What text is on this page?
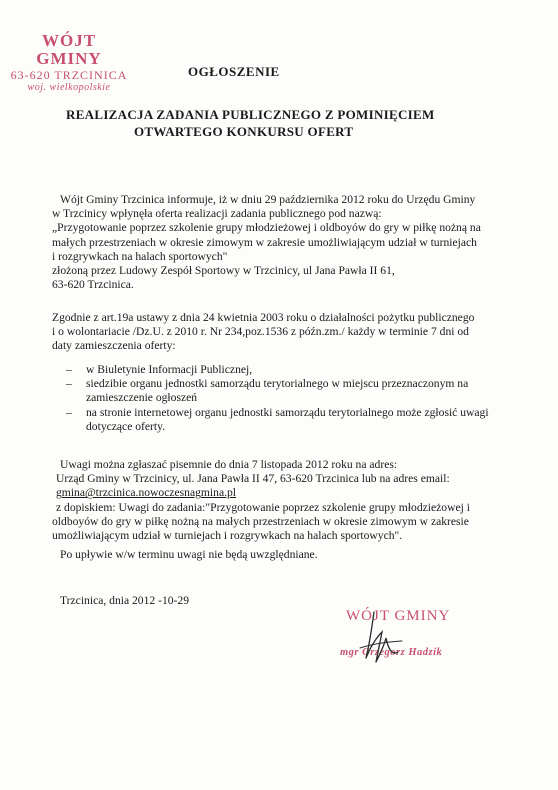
WÓJT GMINY
63-620 TRZCINICA
woj. wielkopolskie
OGŁOSZENIE
REALIZACJA ZADANIA PUBLICZNEGO Z POMINIĘCIEM
OTWARTEGO KONKURSU OFERT
Wójt Gminy Trzcinica informuje, iż w dniu 29 października 2012 roku do Urzędu Gminy
w Trzcinicy wpłynęła oferta realizacji zadania publicznego pod nazwą:
„Przygotowanie poprzez szkolenie grupy młodzieżowej i oldboyów do gry w piłkę nożną na
małych przestrzeniach w okresie zimowym w zakresie umożliwiającym udział w turniejach
i rozgrywkach na halach sportowych"
złożoną przez Ludowy Zespół Sportowy w Trzcinicy, ul Jana Pawła II 61,
63-620 Trzcinica.
Zgodnie z art.19a ustawy z dnia 24 kwietnia 2003 roku o działalności pożytku publicznego
i o wolontariacie /Dz.U. z 2010 r. Nr 234,poz.1536 z późn.zm./ każdy w terminie 7 dni od
daty zamieszczenia oferty:
– w Biuletynie Informacji Publicznej,
– siedzibie organu jednostki samorządu terytorialnego w miejscu przeznaczonym na zamieszczenie ogłoszeń
– na stronie internetowej organu jednostki samorządu terytorialnego może zgłosić uwagi dotyczące oferty.
Uwagi można zgłaszać pisemnie do dnia 7 listopada 2012 roku na adres:
Urząd Gminy w Trzcinicy, ul. Jana Pawła II 47, 63-620 Trzcinica lub na adres email:
gmina@trzcinica.nowoczesnagmina.pl
z dopiskiem: Uwagi do zadania:"Przygotowanie poprzez szkolenie grupy młodzieżowej i
oldboyów do gry w piłkę nożną na małych przestrzeniach w okresie zimowym w zakresie
umożliwiającym udział w turniejach i rozgrywkach na halach sportowych".
Po upływie w/w terminu uwagi nie będą uwzględniane.
Trzcinica, dnia 2012 -10-29
WÓJT GMINY
mgr Grzegorz Hadzik
